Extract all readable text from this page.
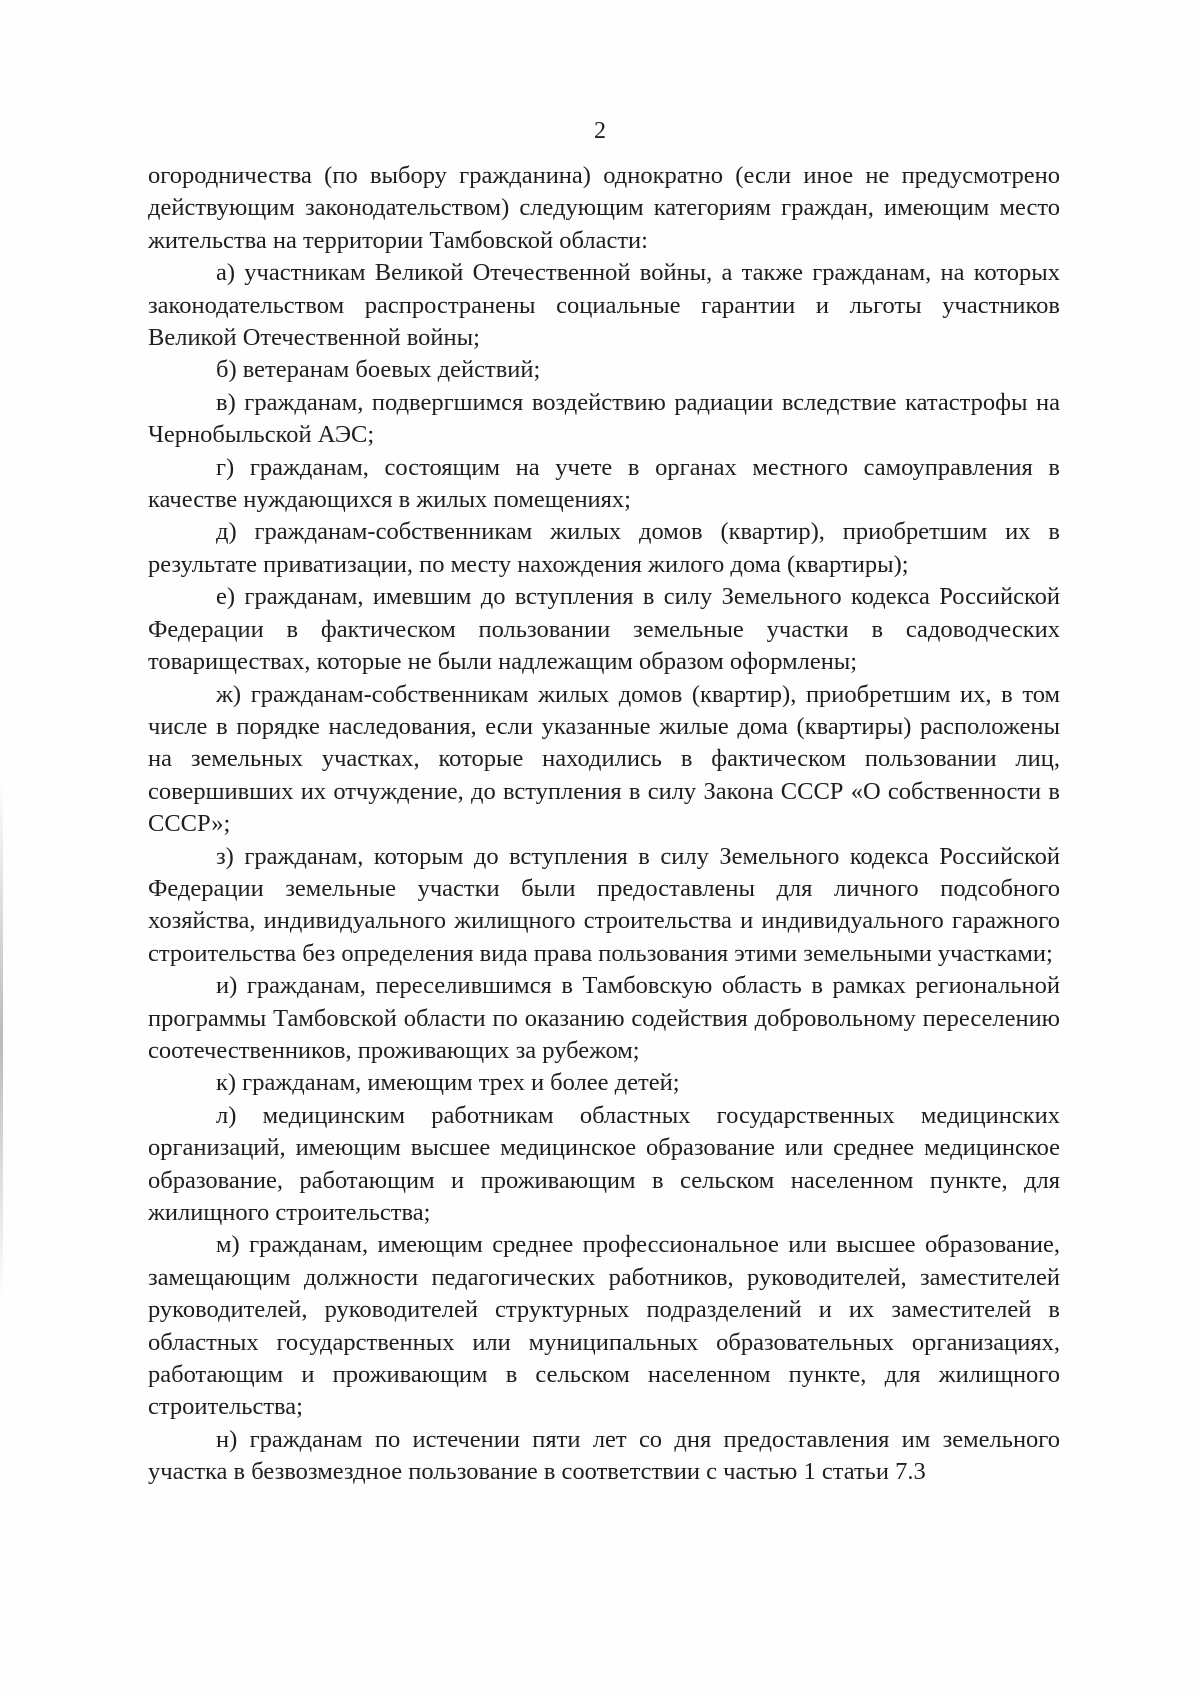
2

огородничества (по выбору гражданина) однократно (если иное не предусмотрено действующим законодательством) следующим категориям граждан, имеющим место жительства на территории Тамбовской области:

а) участникам Великой Отечественной войны, а также гражданам, на которых законодательством распространены социальные гарантии и льготы участников Великой Отечественной войны;

б) ветеранам боевых действий;

в) гражданам, подвергшимся воздействию радиации вследствие катастрофы на Чернобыльской АЭС;

г) гражданам, состоящим на учете в органах местного самоуправления в качестве нуждающихся в жилых помещениях;

д) гражданам-собственникам жилых домов (квартир), приобретшим их в результате приватизации, по месту нахождения жилого дома (квартиры);

е) гражданам, имевшим до вступления в силу Земельного кодекса Российской Федерации в фактическом пользовании земельные участки в садоводческих товариществах, которые не были надлежащим образом оформлены;

ж) гражданам-собственникам жилых домов (квартир), приобретшим их, в том числе в порядке наследования, если указанные жилые дома (квартиры) расположены на земельных участках, которые находились в фактическом пользовании лиц, совершивших их отчуждение, до вступления в силу Закона СССР «О собственности в СССР»;

з) гражданам, которым до вступления в силу Земельного кодекса Российской Федерации земельные участки были предоставлены для личного подсобного хозяйства, индивидуального жилищного строительства и индивидуального гаражного строительства без определения вида права пользования этими земельными участками;

и) гражданам, переселившимся в Тамбовскую область в рамках региональной программы Тамбовской области по оказанию содействия добровольному переселению соотечественников, проживающих за рубежом;

к) гражданам, имеющим трех и более детей;

л) медицинским работникам областных государственных медицинских организаций, имеющим высшее медицинское образование или среднее медицинское образование, работающим и проживающим в сельском населенном пункте, для жилищного строительства;

м) гражданам, имеющим среднее профессиональное или высшее образование, замещающим должности педагогических работников, руководителей, заместителей руководителей, руководителей структурных подразделений и их заместителей в областных государственных или муниципальных образовательных организациях, работающим и проживающим в сельском населенном пункте, для жилищного строительства;

н) гражданам по истечении пяти лет со дня предоставления им земельного участка в безвозмездное пользование в соответствии с частью 1 статьи 7.3
